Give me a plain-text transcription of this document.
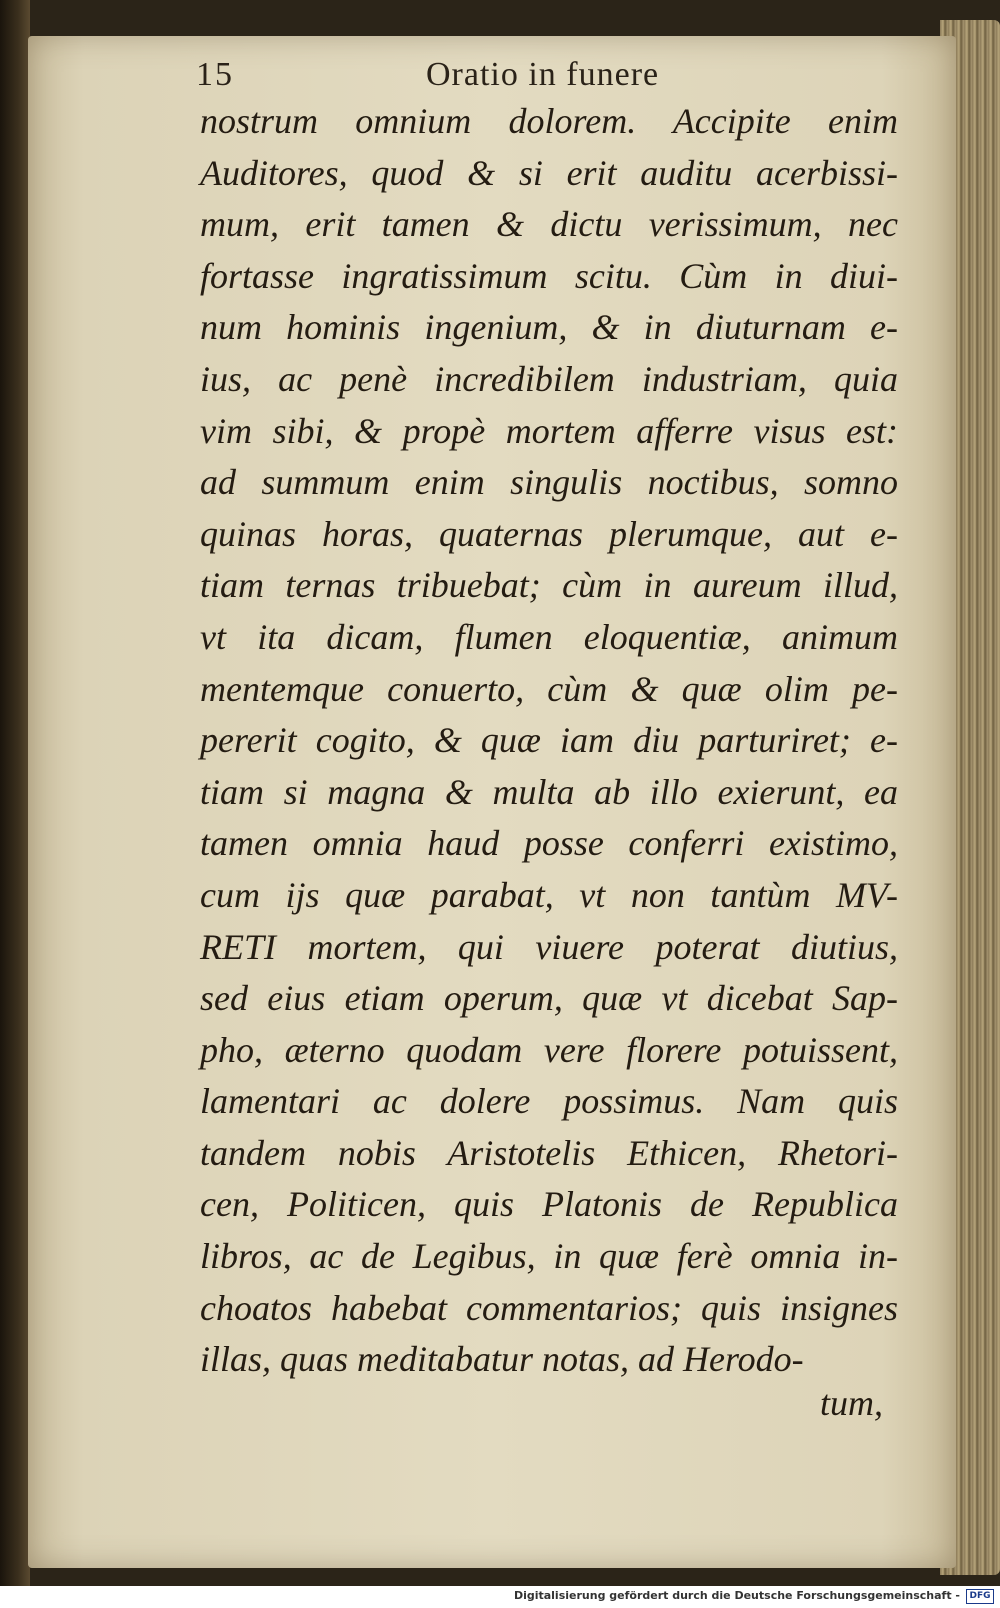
15	Oratio in funere
nostrum omnium dolorem. Accipite enim
Auditores, quod & si erit auditu acerbissi-
mum, erit tamen & dictu verissimum, nec
fortasse ingratissimum scitu. Cùm in diui-
num hominis ingenium, & in diuturnam e-
ius, ac penè incredibilem industriam, quia
vim sibi, & propè mortem afferre visus est:
ad summum enim singulis noctibus, somno
quinas horas, quaternas plerumque, aut e-
tiam ternas tribuebat; cùm in aureum illud,
vt ita dicam, flumen eloquentiæ, animum
mentemque conuerto, cùm & quæ olim pe-
pererit cogito, & quæ iam diu parturiret; e-
tiam si magna & multa ab illo exierunt, ea
tamen omnia haud posse conferri existimo,
cum ijs quæ parabat, vt non tantùm MV-
RETI mortem, qui viuere poterat diutius,
sed eius etiam operum, quæ vt dicebat Sap-
pho, æterno quodam vere florere potuissent,
lamentari ac dolere possimus. Nam quis
tandem nobis Aristotelis Ethicen, Rhetori-
cen, Politicen, quis Platonis de Republica
libros, ac de Legibus, in quæ ferè omnia in-
choatos habebat commentarios; quis insignes
illas, quas meditabatur notas, ad Herodo-
tum,
Digitalisierung gefördert durch die Deutsche Forschungsgemeinschaft -	DFG
